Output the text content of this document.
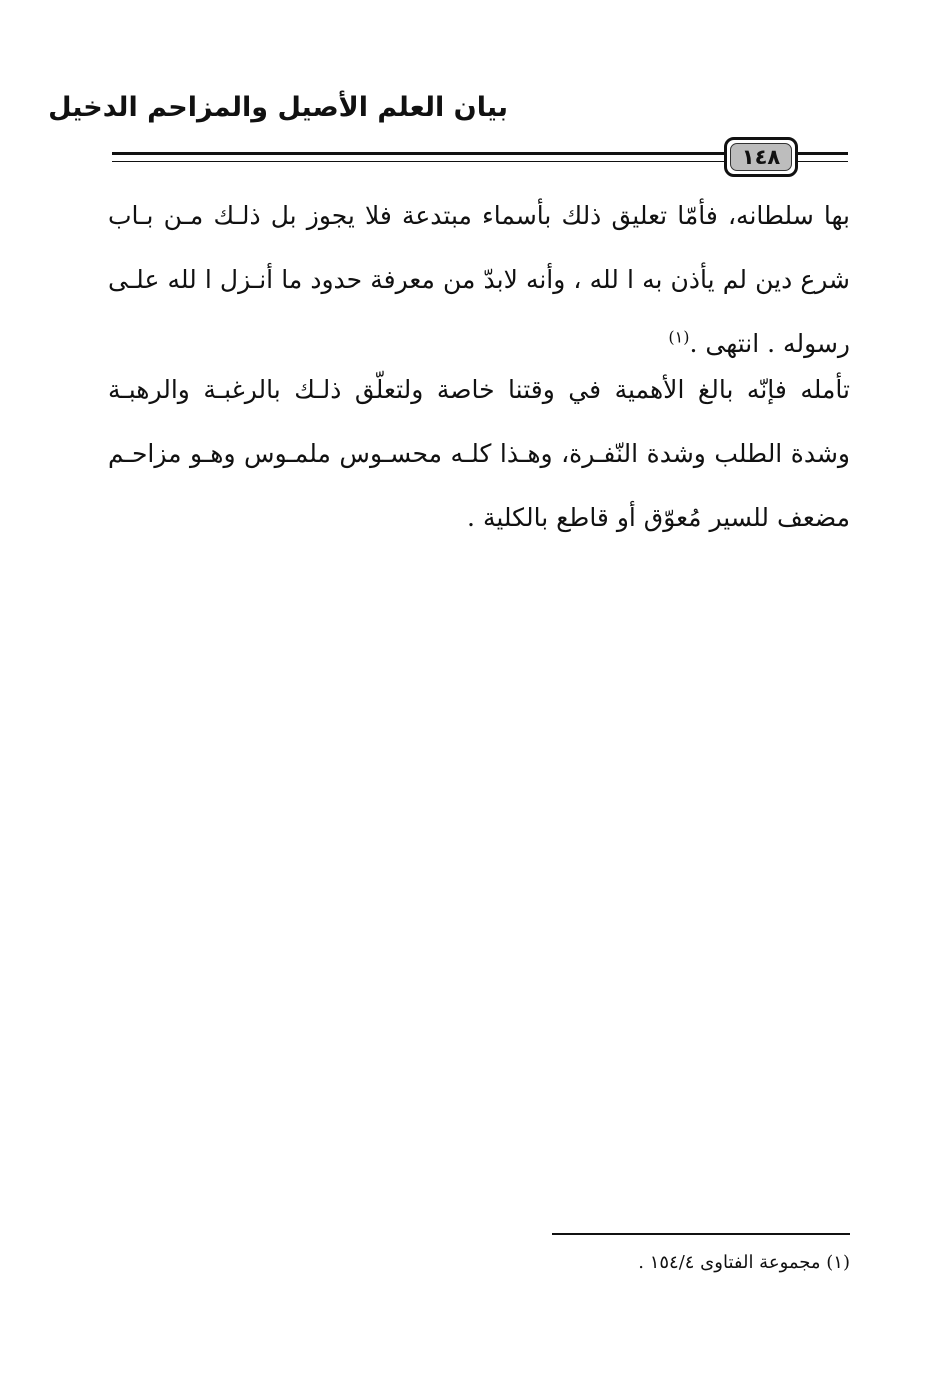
بيان العلم الأصيل والمزاحم الدخيل
١٤٨
بها سلطانه، فأمّا تعليق ذلك بأسماء مبتدعة فلا يجوز بل ذلـك مـن بـاب
شرع دين لم يأذن به ا لله ، وأنه لابدّ من معرفة حدود ما أنـزل ا لله علـى
رسوله . انتهى .$^{(١)}$
تأمله فإنّه بالغ الأهمية في وقتنا خاصة ولتعلّق ذلـك بالرغبـة والرهبـة
وشدة الطلب وشدة النّفـرة، وهـذا كلـه محسـوس ملمـوس وهـو مزاحـم
مضعف للسير مُعوّق أو قاطع بالكلية .
(١) مجموعة الفتاوى ١٥٤/٤ .
